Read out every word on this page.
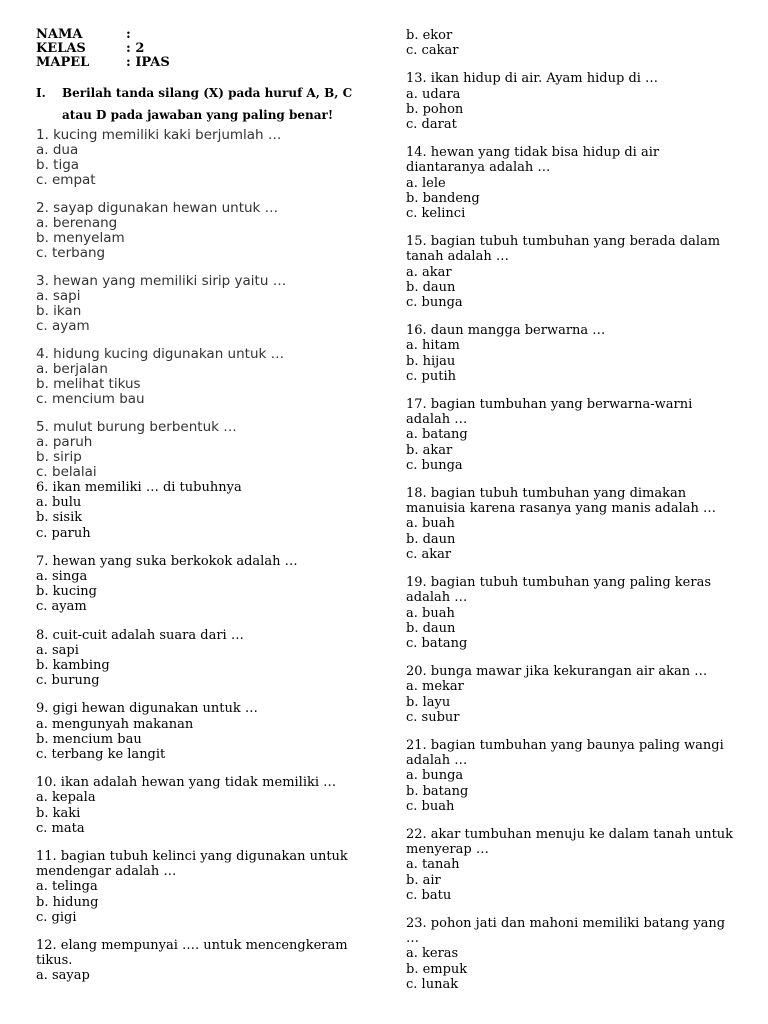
NAMA	:
KELAS	: 2
MAPEL	: IPAS
I.	Berilah tanda silang (X) pada huruf A, B, C
atau D pada jawaban yang paling benar!
1. kucing memiliki kaki berjumlah …
a. dua
b. tiga
c. empat
2. sayap digunakan hewan untuk …
a. berenang
b. menyelam
c. terbang
3. hewan yang memiliki sirip yaitu …
a. sapi
b. ikan
c. ayam
4. hidung kucing digunakan untuk …
a. berjalan
b. melihat tikus
c. mencium bau
5. mulut burung berbentuk …
a. paruh
b. sirip
c. belalai
6. ikan memiliki … di tubuhnya
a. bulu
b. sisik
c. paruh
7. hewan yang suka berkokok adalah …
a. singa
b. kucing
c. ayam
8. cuit-cuit adalah suara dari …
a. sapi
b. kambing
c. burung
9. gigi hewan digunakan untuk …
a. mengunyah makanan
b. mencium bau
c. terbang ke langit
10. ikan adalah hewan yang tidak memiliki …
a. kepala
b. kaki
c. mata
11. bagian tubuh kelinci yang digunakan untuk
mendengar adalah …
a. telinga
b. hidung
c. gigi
12. elang mempunyai …. untuk mencengkeram
tikus.
a. sayap
b. ekor
c. cakar
13. ikan hidup di air. Ayam hidup di …
a. udara
b. pohon
c. darat
14. hewan yang tidak bisa hidup di air
diantaranya adalah …
a. lele
b. bandeng
c. kelinci
15. bagian tubuh tumbuhan yang berada dalam
tanah adalah …
a. akar
b. daun
c. bunga
16. daun mangga berwarna …
a. hitam
b. hijau
c. putih
17. bagian tumbuhan yang berwarna-warni
adalah …
a. batang
b. akar
c. bunga
18. bagian tubuh tumbuhan yang dimakan
manuisia karena rasanya yang manis adalah …
a. buah
b. daun
c. akar
19. bagian tubuh tumbuhan yang paling keras
adalah …
a. buah
b. daun
c. batang
20. bunga mawar jika kekurangan air akan …
a. mekar
b. layu
c. subur
21. bagian tumbuhan yang baunya paling wangi
adalah …
a. bunga
b. batang
c. buah
22. akar tumbuhan menuju ke dalam tanah untuk
menyerap …
a. tanah
b. air
c. batu
23. pohon jati dan mahoni memiliki batang yang
…
a. keras
b. empuk
c. lunak
